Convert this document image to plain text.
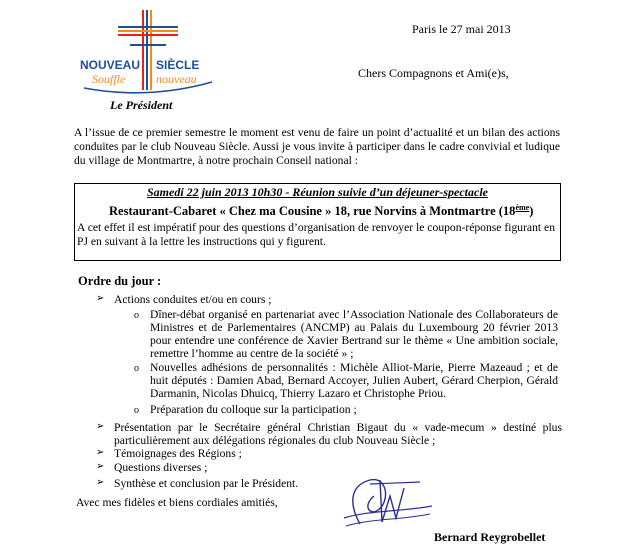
NOUVEAU SIÈCLE
Souffle	nouveau
Le Président
Paris le 27 mai 2013
Chers Compagnons et Ami(e)s,
A l’issue de ce premier semestre le moment est venu de faire un point d’actualité et un bilan des actions conduites par le club Nouveau Siècle. Aussi je vous invite à participer dans le cadre convivial et ludique du village de Montmartre, à notre prochain Conseil national :
Samedi 22 juin 2013 10h30 - Réunion suivie d’un déjeuner-spectacle
Restaurant-Cabaret « Chez ma Cousine » 18, rue Norvins à Montmartre (18ème)
A cet effet il est impératif pour des questions d’organisation de renvoyer le coupon-réponse figurant en PJ en suivant à la lettre les instructions qui y figurent.
Ordre du jour :
➢ Actions conduites et/ou en cours ;
o Dîner-débat organisé en partenariat avec l’Association Nationale des Collaborateurs de Ministres et de Parlementaires (ANCMP) au Palais du Luxembourg 20 février 2013 pour entendre une conférence de Xavier Bertrand sur le thème « Une ambition sociale, remettre l’homme au centre de la société » ;
o Nouvelles adhésions de personnalités : Michèle Alliot-Marie, Pierre Mazeaud ; et de huit députés : Damien Abad, Bernard Accoyer, Julien Aubert, Gérard Cherpion, Gérald Darmanin, Nicolas Dhuicq, Thierry Lazaro et Christophe Priou.
o Préparation du colloque sur la participation ;
➢ Présentation par le Secrétaire général Christian Bigaut du « vade-mecum » destiné plus particulièrement aux délégations régionales du club Nouveau Siècle ;
➢ Témoignages des Régions ;
➢ Questions diverses ;
➢ Synthèse et conclusion par le Président.
Avec mes fidèles et biens cordiales amitiés,
Bernard Reygrobellet
